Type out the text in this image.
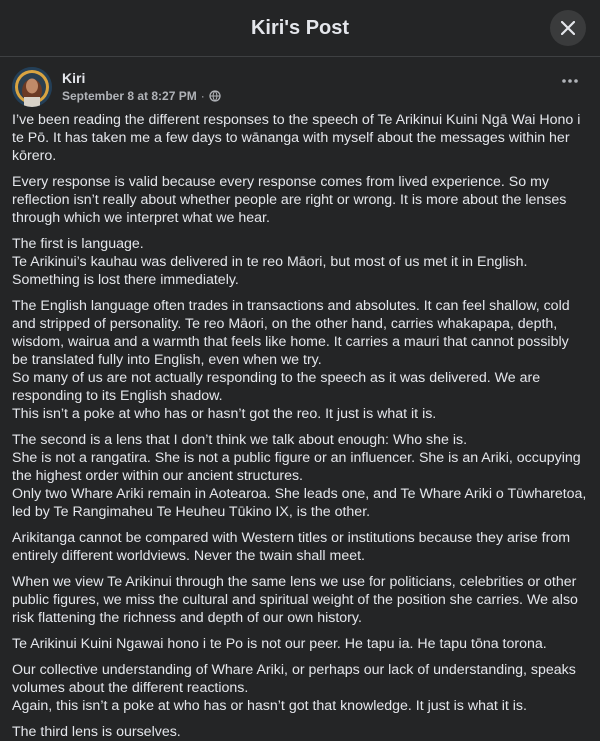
Kiri's Post
Kiri
September 8 at 8:27 PM ·

I’ve been reading the different responses to the speech of Te Arikinui Kuini Ngā Wai Hono i te Pō. It has taken me a few days to wānanga with myself about the messages within her kōrero.

Every response is valid because every response comes from lived experience. So my reflection isn’t really about whether people are right or wrong. It is more about the lenses through which we interpret what we hear.

The first is language.
Te Arikinui’s kauhau was delivered in te reo Māori, but most of us met it in English. Something is lost there immediately.

The English language often trades in transactions and absolutes. It can feel shallow, cold and stripped of personality. Te reo Māori, on the other hand, carries whakapapa, depth, wisdom, wairua and a warmth that feels like home. It carries a mauri that cannot possibly be translated fully into English, even when we try.
So many of us are not actually responding to the speech as it was delivered. We are responding to its English shadow.
This isn’t a poke at who has or hasn’t got the reo. It just is what it is.

The second is a lens that I don’t think we talk about enough: Who she is.
She is not a rangatira. She is not a public figure or an influencer. She is an Ariki, occupying the highest order within our ancient structures.
Only two Whare Ariki remain in Aotearoa. She leads one, and Te Whare Ariki o Tūwharetoa, led by Te Rangimaheu Te Heuheu Tūkino IX, is the other.

Arikitanga cannot be compared with Western titles or institutions because they arise from entirely different worldviews. Never the twain shall meet.

When we view Te Arikinui through the same lens we use for politicians, celebrities or other public figures, we miss the cultural and spiritual weight of the position she carries. We also risk flattening the richness and depth of our own history.

Te Arikinui Kuini Ngawai hono i te Po is not our peer. He tapu ia. He tapu tōna torona.

Our collective understanding of Whare Ariki, or perhaps our lack of understanding, speaks volumes about the different reactions.
Again, this isn’t a poke at who has or hasn’t got that knowledge. It just is what it is.

The third lens is ourselves.
